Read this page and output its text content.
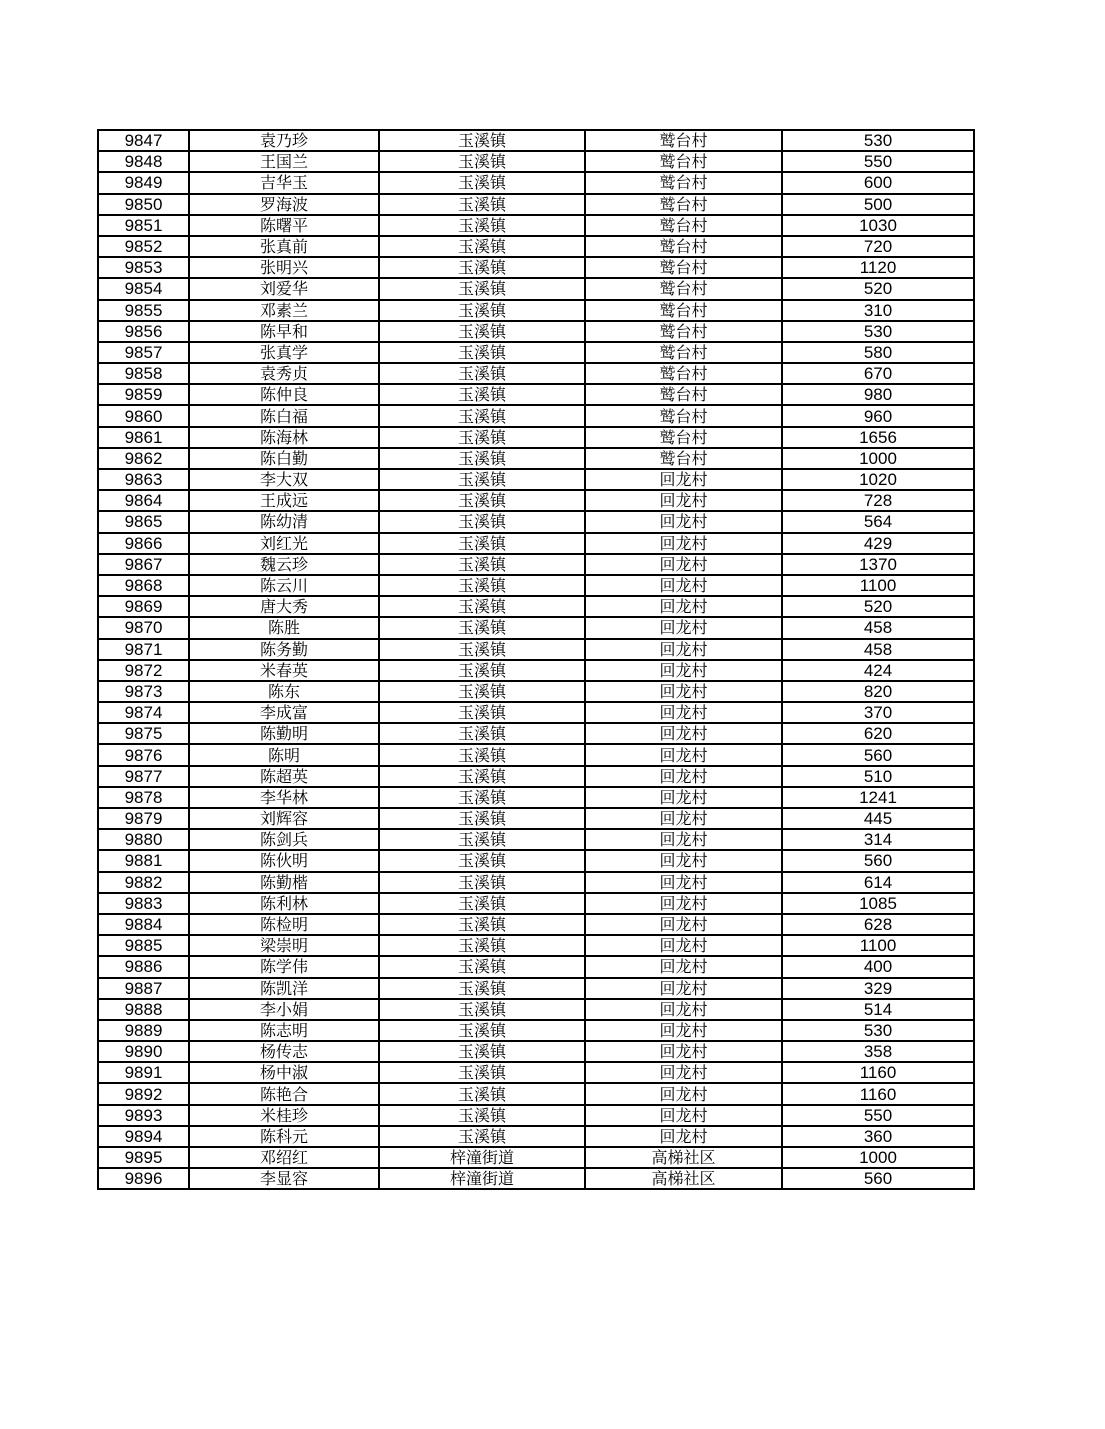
9847	袁乃珍	玉溪镇	鹫台村	530
9848	王国兰	玉溪镇	鹫台村	550
9849	吉华玉	玉溪镇	鹫台村	600
9850	罗海波	玉溪镇	鹫台村	500
9851	陈曙平	玉溪镇	鹫台村	1030
9852	张真前	玉溪镇	鹫台村	720
9853	张明兴	玉溪镇	鹫台村	1120
9854	刘爱华	玉溪镇	鹫台村	520
9855	邓素兰	玉溪镇	鹫台村	310
9856	陈早和	玉溪镇	鹫台村	530
9857	张真学	玉溪镇	鹫台村	580
9858	袁秀贞	玉溪镇	鹫台村	670
9859	陈仲良	玉溪镇	鹫台村	980
9860	陈白福	玉溪镇	鹫台村	960
9861	陈海林	玉溪镇	鹫台村	1656
9862	陈白勤	玉溪镇	鹫台村	1000
9863	李大双	玉溪镇	回龙村	1020
9864	王成远	玉溪镇	回龙村	728
9865	陈幼清	玉溪镇	回龙村	564
9866	刘红光	玉溪镇	回龙村	429
9867	魏云珍	玉溪镇	回龙村	1370
9868	陈云川	玉溪镇	回龙村	1100
9869	唐大秀	玉溪镇	回龙村	520
9870	陈胜	玉溪镇	回龙村	458
9871	陈务勤	玉溪镇	回龙村	458
9872	米春英	玉溪镇	回龙村	424
9873	陈东	玉溪镇	回龙村	820
9874	李成富	玉溪镇	回龙村	370
9875	陈勤明	玉溪镇	回龙村	620
9876	陈明	玉溪镇	回龙村	560
9877	陈超英	玉溪镇	回龙村	510
9878	李华林	玉溪镇	回龙村	1241
9879	刘辉容	玉溪镇	回龙村	445
9880	陈剑兵	玉溪镇	回龙村	314
9881	陈伙明	玉溪镇	回龙村	560
9882	陈勤楷	玉溪镇	回龙村	614
9883	陈利林	玉溪镇	回龙村	1085
9884	陈检明	玉溪镇	回龙村	628
9885	梁崇明	玉溪镇	回龙村	1100
9886	陈学伟	玉溪镇	回龙村	400
9887	陈凯洋	玉溪镇	回龙村	329
9888	李小娟	玉溪镇	回龙村	514
9889	陈志明	玉溪镇	回龙村	530
9890	杨传志	玉溪镇	回龙村	358
9891	杨中淑	玉溪镇	回龙村	1160
9892	陈艳合	玉溪镇	回龙村	1160
9893	米桂珍	玉溪镇	回龙村	550
9894	陈科元	玉溪镇	回龙村	360
9895	邓绍红	梓潼街道	高梯社区	1000
9896	李显容	梓潼街道	高梯社区	560
